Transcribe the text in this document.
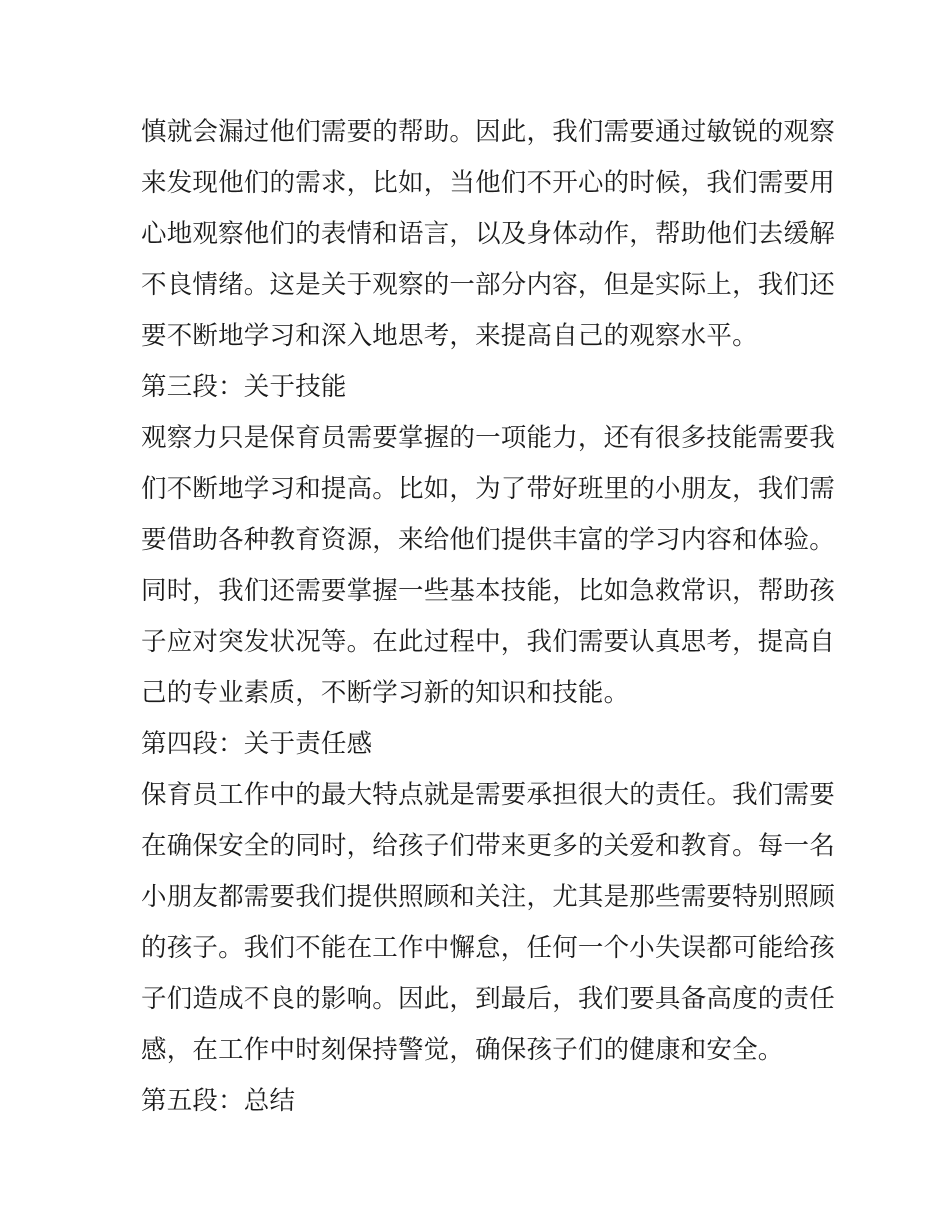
慎就会漏过他们需要的帮助。因此，我们需要通过敏锐的观察
来发现他们的需求，比如，当他们不开心的时候，我们需要用
心地观察他们的表情和语言，以及身体动作，帮助他们去缓解
不良情绪。这是关于观察的一部分内容，但是实际上，我们还
要不断地学习和深入地思考，来提高自己的观察水平。
第三段：关于技能
观察力只是保育员需要掌握的一项能力，还有很多技能需要我
们不断地学习和提高。比如，为了带好班里的小朋友，我们需
要借助各种教育资源，来给他们提供丰富的学习内容和体验。
同时，我们还需要掌握一些基本技能，比如急救常识，帮助孩
子应对突发状况等。在此过程中，我们需要认真思考，提高自
己的专业素质，不断学习新的知识和技能。
第四段：关于责任感
保育员工作中的最大特点就是需要承担很大的责任。我们需要
在确保安全的同时，给孩子们带来更多的关爱和教育。每一名
小朋友都需要我们提供照顾和关注，尤其是那些需要特别照顾
的孩子。我们不能在工作中懈怠，任何一个小失误都可能给孩
子们造成不良的影响。因此，到最后，我们要具备高度的责任
感，在工作中时刻保持警觉，确保孩子们的健康和安全。
第五段：总结
